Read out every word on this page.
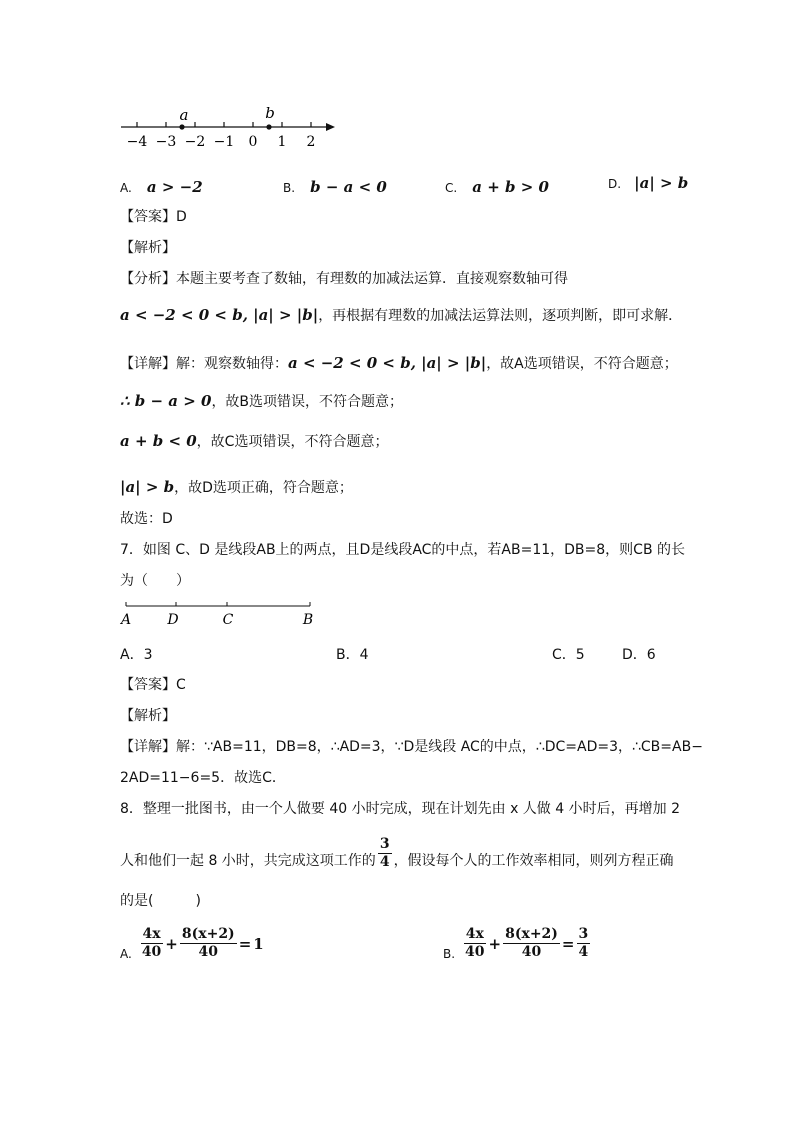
−4 −3 −2 −1 0 1 2
a	b
A. a > −2	B. b − a < 0	C. a + b > 0	D. |a| > b
【答案】D
【解析】
【分析】本题主要考查了数轴，有理数的加减法运算．直接观察数轴可得
a < −2 < 0 < b, |a| > |b|，再根据有理数的加减法运算法则，逐项判断，即可求解．
【详解】解：观察数轴得：a < −2 < 0 < b, |a| > |b|，故A选项错误，不符合题意；
∴ b − a > 0，故B选项错误，不符合题意；
a + b < 0，故C选项错误，不符合题意；
|a| > b，故D选项正确，符合题意；
故选：D
7．如图 C、D 是线段AB上的两点，且D是线段AC的中点，若AB=11，DB=8，则CB 的长
为（　　）
A	D	C	B
A．3	B．4	C．5	D．6
【答案】C
【解析】
【详解】解：∵AB=11，DB=8，∴AD=3，∵D是线段 AC的中点，∴DC=AD=3，∴CB=AB−
2AD=11−6=5．故选C．
8．整理一批图书，由一个人做要 40 小时完成，现在计划先由 x 人做 4 小时后，再增加 2
人和他们一起 8 小时，共完成这项工作的 $\frac{3}{4}$ ，假设每个人的工作效率相同，则列方程正确
的是(　　　)
A. $\frac{4x}{40} + \frac{8(x+2)}{40} = 1$
B. $\frac{4x}{40} + \frac{8(x+2)}{40} = \frac{3}{4}$
